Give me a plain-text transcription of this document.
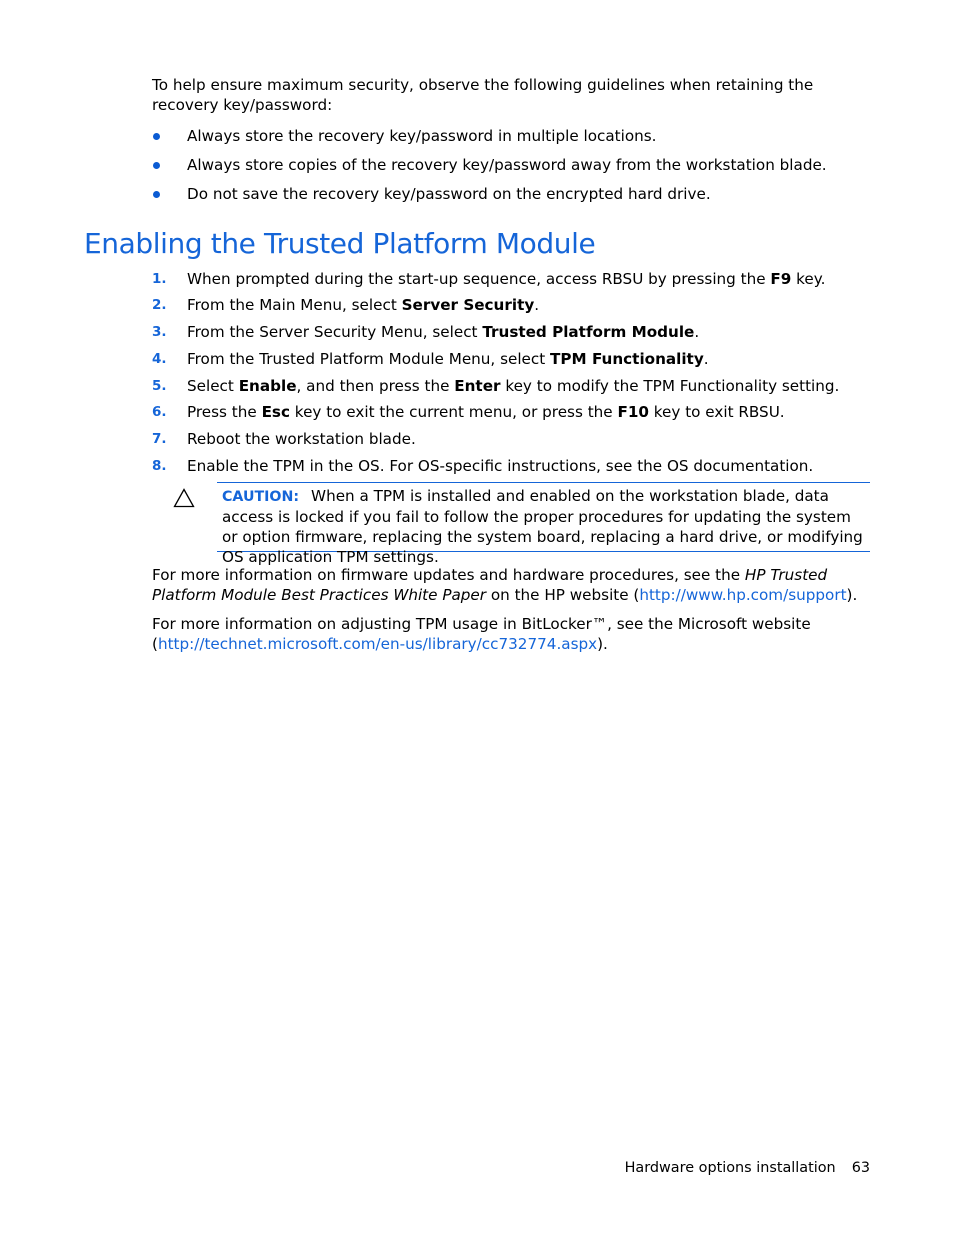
To help ensure maximum security, observe the following guidelines when retaining the recovery key/password:

Always store the recovery key/password in multiple locations.
Always store copies of the recovery key/password away from the workstation blade.
Do not save the recovery key/password on the encrypted hard drive.
Enabling the Trusted Platform Module
1. When prompted during the start-up sequence, access RBSU by pressing the F9 key.
2. From the Main Menu, select Server Security.
3. From the Server Security Menu, select Trusted Platform Module.
4. From the Trusted Platform Module Menu, select TPM Functionality.
5. Select Enable, and then press the Enter key to modify the TPM Functionality setting.
6. Press the Esc key to exit the current menu, or press the F10 key to exit RBSU.
7. Reboot the workstation blade.
8. Enable the TPM in the OS. For OS-specific instructions, see the OS documentation.
CAUTION: When a TPM is installed and enabled on the workstation blade, data access is locked if you fail to follow the proper procedures for updating the system or option firmware, replacing the system board, replacing a hard drive, or modifying OS application TPM settings.

For more information on firmware updates and hardware procedures, see the HP Trusted Platform Module Best Practices White Paper on the HP website (http://www.hp.com/support).

For more information on adjusting TPM usage in BitLocker™, see the Microsoft website (http://technet.microsoft.com/en-us/library/cc732774.aspx).

Hardware options installation 63
